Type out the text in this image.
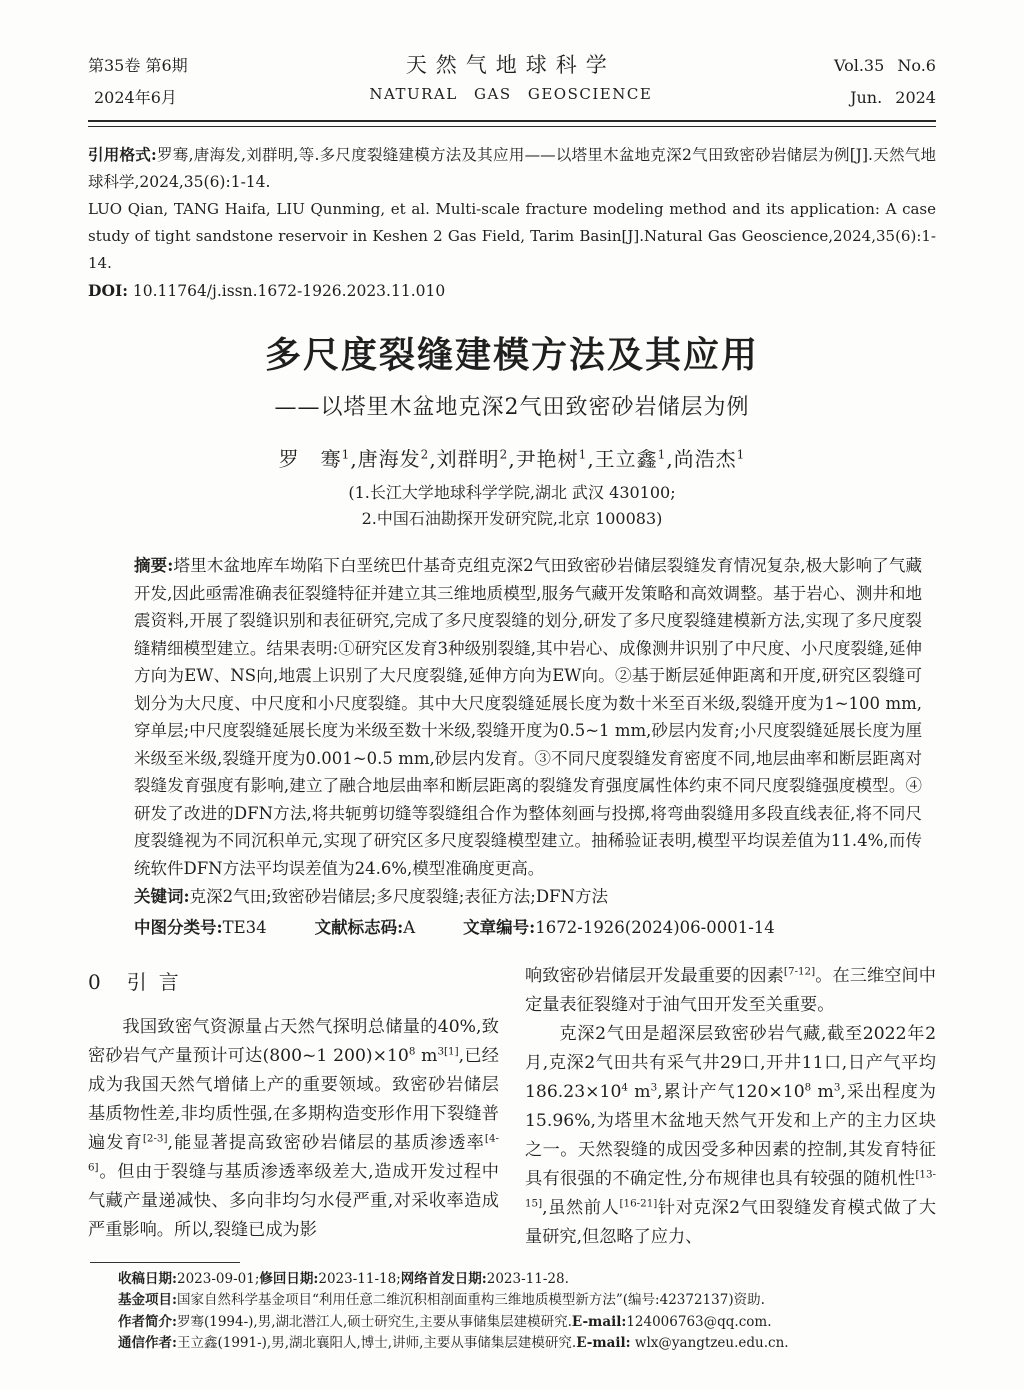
第35卷 第6期
2024年6月
天然气地球科学
NATURAL GAS GEOSCIENCE
Vol.35 No.6
Jun. 2024
引用格式:罗骞,唐海发,刘群明,等.多尺度裂缝建模方法及其应用——以塔里木盆地克深2气田致密砂岩储层为例[J].天然气地球科学,2024,35(6):1-14.
LUO Qian, TANG Haifa, LIU Qunming, et al. Multi-scale fracture modeling method and its application: A case study of tight sandstone reservoir in Keshen 2 Gas Field, Tarim Basin[J].Natural Gas Geoscience,2024,35(6):1-14.
DOI: 10.11764/j.issn.1672-1926.2023.11.010
多尺度裂缝建模方法及其应用
——以塔里木盆地克深2气田致密砂岩储层为例
罗　骞$^1$,唐海发$^2$,刘群明$^2$,尹艳树$^1$,王立鑫$^1$,尚浩杰$^1$
(1.长江大学地球科学学院,湖北 武汉 430100;
2.中国石油勘探开发研究院,北京 100083)
摘要:塔里木盆地库车坳陷下白垩统巴什基奇克组克深2气田致密砂岩储层裂缝发育情况复杂,极大影响了气藏开发,因此亟需准确表征裂缝特征并建立其三维地质模型,服务气藏开发策略和高效调整。基于岩心、测井和地震资料,开展了裂缝识别和表征研究,完成了多尺度裂缝的划分,研发了多尺度裂缝建模新方法,实现了多尺度裂缝精细模型建立。结果表明:①研究区发育3种级别裂缝,其中岩心、成像测井识别了中尺度、小尺度裂缝,延伸方向为EW、NS向,地震上识别了大尺度裂缝,延伸方向为EW向。②基于断层延伸距离和开度,研究区裂缝可划分为大尺度、中尺度和小尺度裂缝。其中大尺度裂缝延展长度为数十米至百米级,裂缝开度为1~100 mm,穿单层;中尺度裂缝延展长度为米级至数十米级,裂缝开度为0.5~1 mm,砂层内发育;小尺度裂缝延展长度为厘米级至米级,裂缝开度为0.001~0.5 mm,砂层内发育。③不同尺度裂缝发育密度不同,地层曲率和断层距离对裂缝发育强度有影响,建立了融合地层曲率和断层距离的裂缝发育强度属性体约束不同尺度裂缝强度模型。④研发了改进的DFN方法,将共轭剪切缝等裂缝组合作为整体刻画与投掷,将弯曲裂缝用多段直线表征,将不同尺度裂缝视为不同沉积单元,实现了研究区多尺度裂缝模型建立。抽稀验证表明,模型平均误差值为11.4%,而传统软件DFN方法平均误差值为24.6%,模型准确度更高。
关键词:克深2气田;致密砂岩储层;多尺度裂缝;表征方法;DFN方法
中图分类号:TE34	文献标志码:A	文章编号:1672-1926(2024)06-0001-14
0 引言
我国致密气资源量占天然气探明总储量的40%,致密砂岩气产量预计可达(800~1 $200)\times 10^8$ $m^{3[1]}$,已经成为我国天然气增储上产的重要领域。致密砂岩储层基质物性差,非均质性强,在多期构造变形作用下裂缝普遍发育[2-3],能显著提高致密砂岩储层的基质渗透率[4-6]。但由于裂缝与基质渗透率级差大,造成开发过程中气藏产量递减快、多向非均匀水侵严重,对采收率造成严重影响。所以,裂缝已成为影
响致密砂岩储层开发最重要的因素[7-12]。在三维空间中定量表征裂缝对于油气田开发至关重要。
克深2气田是超深层致密砂岩气藏,截至2022年2月,克深2气田共有采气井29口,开井11口,日产气平均$186.23\times 10^4$ $m^3$,累计产气$120\times 10^8$ $m^3$,采出程度为15.96%,为塔里木盆地天然气开发和上产的主力区块之一。天然裂缝的成因受多种因素的控制,其发育特征具有很强的不确定性,分布规律也具有较强的随机性[13-15],虽然前人[16-21]针对克深2气田裂缝发育模式做了大量研究,但忽略了应力、
收稿日期:2023-09-01;修回日期:2023-11-18;网络首发日期:2023-11-28.
基金项目:国家自然科学基金项目“利用任意二维沉积相剖面重构三维地质模型新方法”(编号:42372137)资助.
作者简介:罗骞(1994-),男,湖北潜江人,硕士研究生,主要从事储集层建模研究.E-mail:124006763@qq.com.
通信作者:王立鑫(1991-),男,湖北襄阳人,博士,讲师,主要从事储集层建模研究.E-mail: wlx@yangtzeu.edu.cn.
